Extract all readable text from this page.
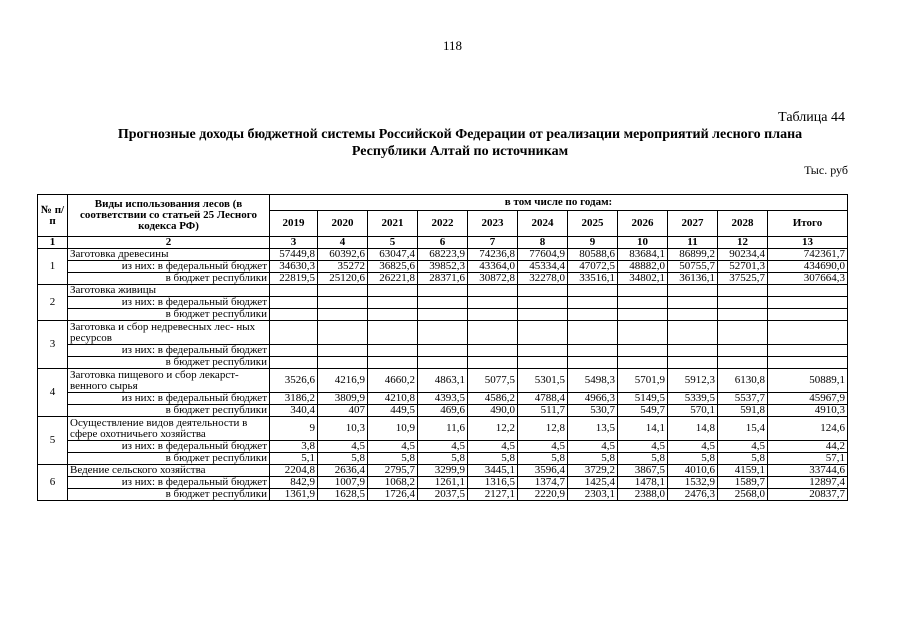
118
Таблица 44
Прогнозные доходы бюджетной системы Российской Федерации от реализации мероприятий лесного плана
Республики Алтай по источникам
Тыс. руб
№ п/п	Виды использования лесов (в соответствии со статьей 25 Лесного кодекса РФ)	в том числе по годам:										
		2019	2020	2021	2022	2023	2024	2025	2026	2027	2028	Итого
1	2	3	4	5	6	7	8	9	10	11	12	13
1	Заготовка древесины	57449,8	60392,6	63047,4	68223,9	74236,8	77604,9	80588,6	83684,1	86899,2	90234,4	742361,7
	из них: в федеральный бюджет	34630,3	35272	36825,6	39852,3	43364,0	45334,4	47072,5	48882,0	50755,7	52701,3	434690,0
	в бюджет республики	22819,5	25120,6	26221,8	28371,6	30872,8	32278,0	33516,1	34802,1	36136,1	37525,7	307664,3
2	Заготовка живицы											
	из них: в федеральный бюджет											
	в бюджет республики											
3	Заготовка и сбор недревесных лес- ных ресурсов											
	из них: в федеральный бюджет											
	в бюджет республики											
4	Заготовка пищевого и сбор лекарст- венного сырья	3526,6	4216,9	4660,2	4863,1	5077,5	5301,5	5498,3	5701,9	5912,3	6130,8	50889,1
	из них: в федеральный бюджет	3186,2	3809,9	4210,8	4393,5	4586,2	4788,4	4966,3	5149,5	5339,5	5537,7	45967,9
	в бюджет республики	340,4	407	449,5	469,6	490,0	511,7	530,7	549,7	570,1	591,8	4910,3
5	Осуществление видов деятельности в сфере охотничьего хозяйства	9	10,3	10,9	11,6	12,2	12,8	13,5	14,1	14,8	15,4	124,6
	из них: в федеральный бюджет	3,8	4,5	4,5	4,5	4,5	4,5	4,5	4,5	4,5	4,5	44,2
	в бюджет республики	5,1	5,8	5,8	5,8	5,8	5,8	5,8	5,8	5,8	5,8	57,1
6	Ведение сельского хозяйства	2204,8	2636,4	2795,7	3299,9	3445,1	3596,4	3729,2	3867,5	4010,6	4159,1	33744,6
	из них: в федеральный бюджет	842,9	1007,9	1068,2	1261,1	1316,5	1374,7	1425,4	1478,1	1532,9	1589,7	12897,4
	в бюджет республики	1361,9	1628,5	1726,4	2037,5	2127,1	2220,9	2303,1	2388,0	2476,3	2568,0	20837,7
